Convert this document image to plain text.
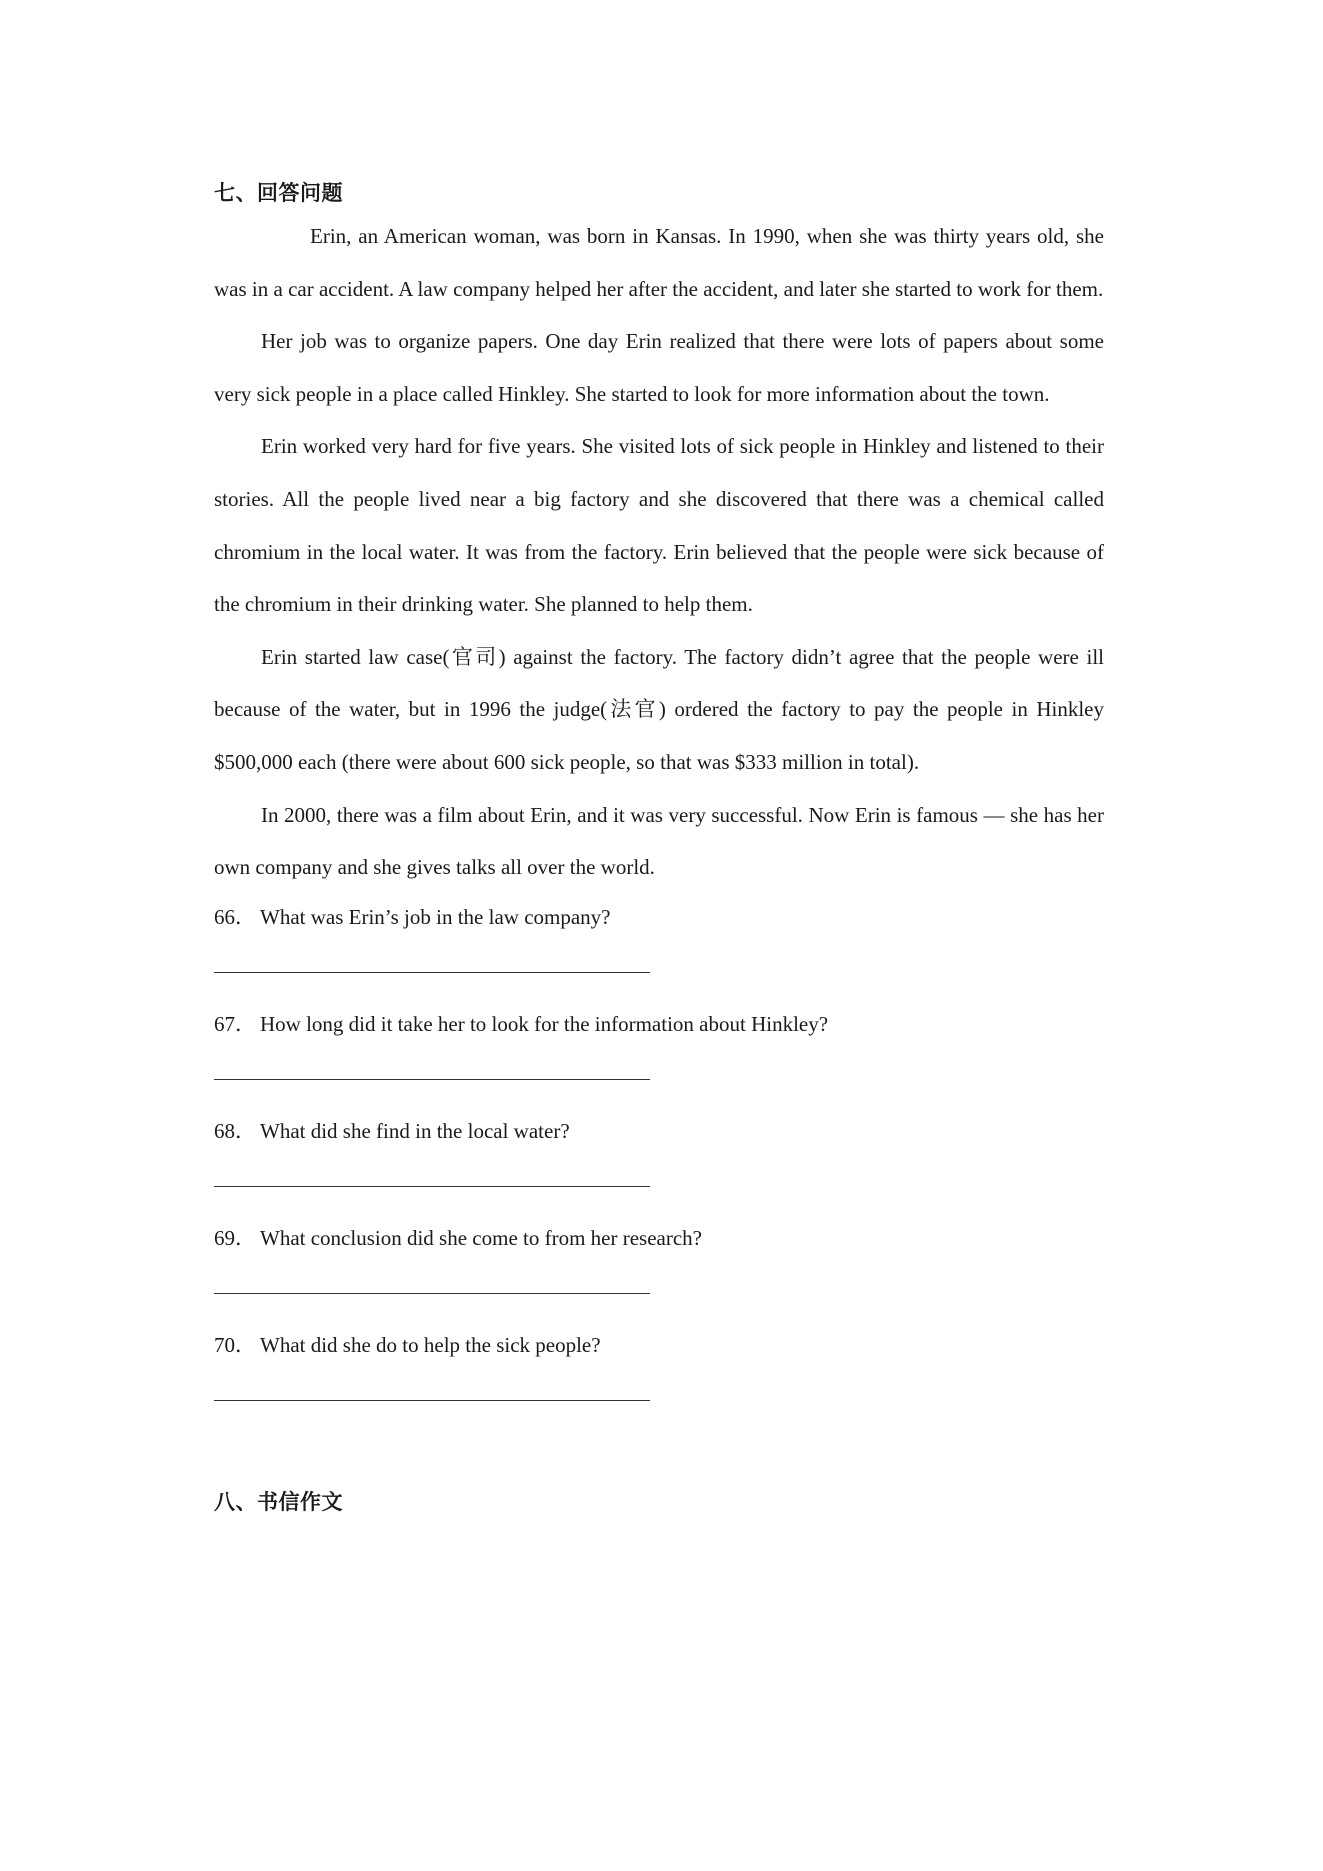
七、回答问题

Erin, an American woman, was born in Kansas. In 1990, when she was thirty years old, she was in a car accident. A law company helped her after the accident, and later she started to work for them.

Her job was to organize papers. One day Erin realized that there were lots of papers about some very sick people in a place called Hinkley. She started to look for more information about the town.

Erin worked very hard for five years. She visited lots of sick people in Hinkley and listened to their stories. All the people lived near a big factory and she discovered that there was a chemical called chromium in the local water. It was from the factory. Erin believed that the people were sick because of the chromium in their drinking water. She planned to help them.

Erin started law case(官司) against the factory. The factory didn’t agree that the people were ill because of the water, but in 1996 the judge(法官) ordered the factory to pay the people in Hinkley $500,000 each (there were about 600 sick people, so that was $333 million in total).

In 2000, there was a film about Erin, and it was very successful. Now Erin is famous — she has her own company and she gives talks all over the world.

66． What was Erin’s job in the law company?

67． How long did it take her to look for the information about Hinkley?

68． What did she find in the local water?

69． What conclusion did she come to from her research?

70． What did she do to help the sick people?

八、书信作文
